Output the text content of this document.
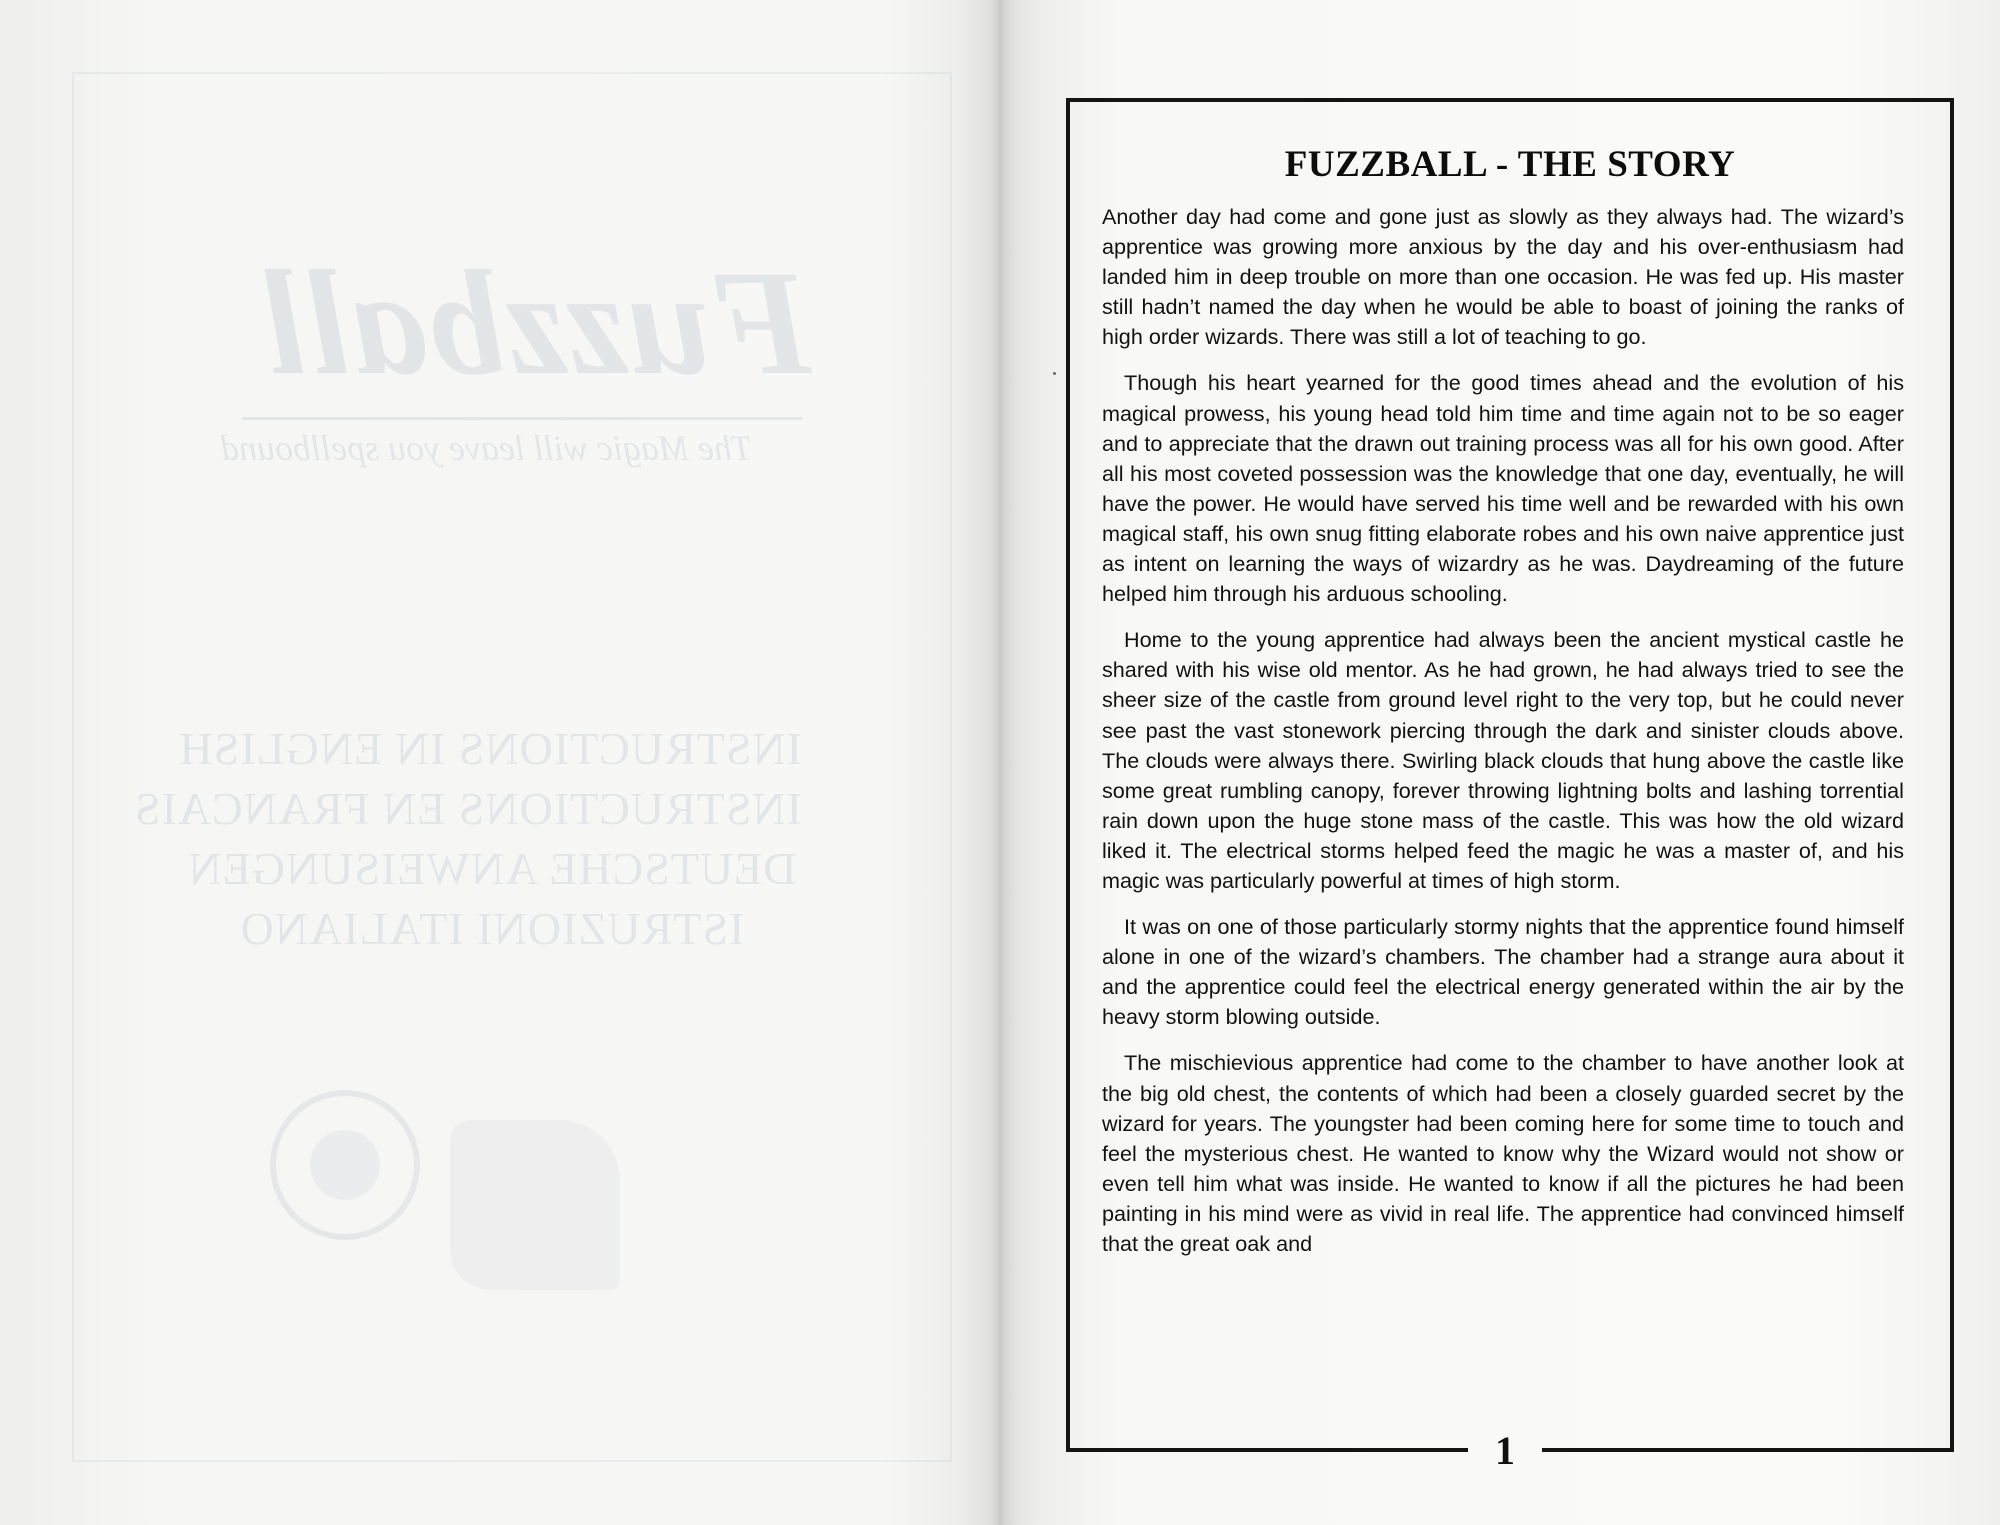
Fuzzball
The Magic will leave you spellbound
INSTRUCTIONS IN ENGLISH
INSTRUCTIONS EN FRANCAIS
DEUTSCHE ANWEISUNGEN
ISTRUZIONI ITALIANO
1
FUZZBALL - THE STORY

Another day had come and gone just as slowly as they always had. The wizard’s apprentice was growing more anxious by the day and his over-enthusiasm had landed him in deep trouble on more than one occasion. He was fed up. His master still hadn’t named the day when he would be able to boast of joining the ranks of high order wizards. There was still a lot of teaching to go.

Though his heart yearned for the good times ahead and the evolution of his magical prowess, his young head told him time and time again not to be so eager and to appreciate that the drawn out training process was all for his own good. After all his most coveted possession was the knowledge that one day, eventually, he will have the power. He would have served his time well and be rewarded with his own magical staff, his own snug fitting elaborate robes and his own naive apprentice just as intent on learning the ways of wizardry as he was. Daydreaming of the future helped him through his arduous schooling.

Home to the young apprentice had always been the ancient mystical castle he shared with his wise old mentor. As he had grown, he had always tried to see the sheer size of the castle from ground level right to the very top, but he could never see past the vast stonework piercing through the dark and sinister clouds above. The clouds were always there. Swirling black clouds that hung above the castle like some great rumbling canopy, forever throwing lightning bolts and lashing torrential rain down upon the huge stone mass of the castle. This was how the old wizard liked it. The electrical storms helped feed the magic he was a master of, and his magic was particularly powerful at times of high storm.

It was on one of those particularly stormy nights that the apprentice found himself alone in one of the wizard’s chambers. The chamber had a strange aura about it and the apprentice could feel the electrical energy generated within the air by the heavy storm blowing outside.

The mischievious apprentice had come to the chamber to have another look at the big old chest, the contents of which had been a closely guarded secret by the wizard for years. The youngster had been coming here for some time to touch and feel the mysterious chest. He wanted to know why the Wizard would not show or even tell him what was inside. He wanted to know if all the pictures he had been painting in his mind were as vivid in real life. The apprentice had convinced himself that the great oak and
